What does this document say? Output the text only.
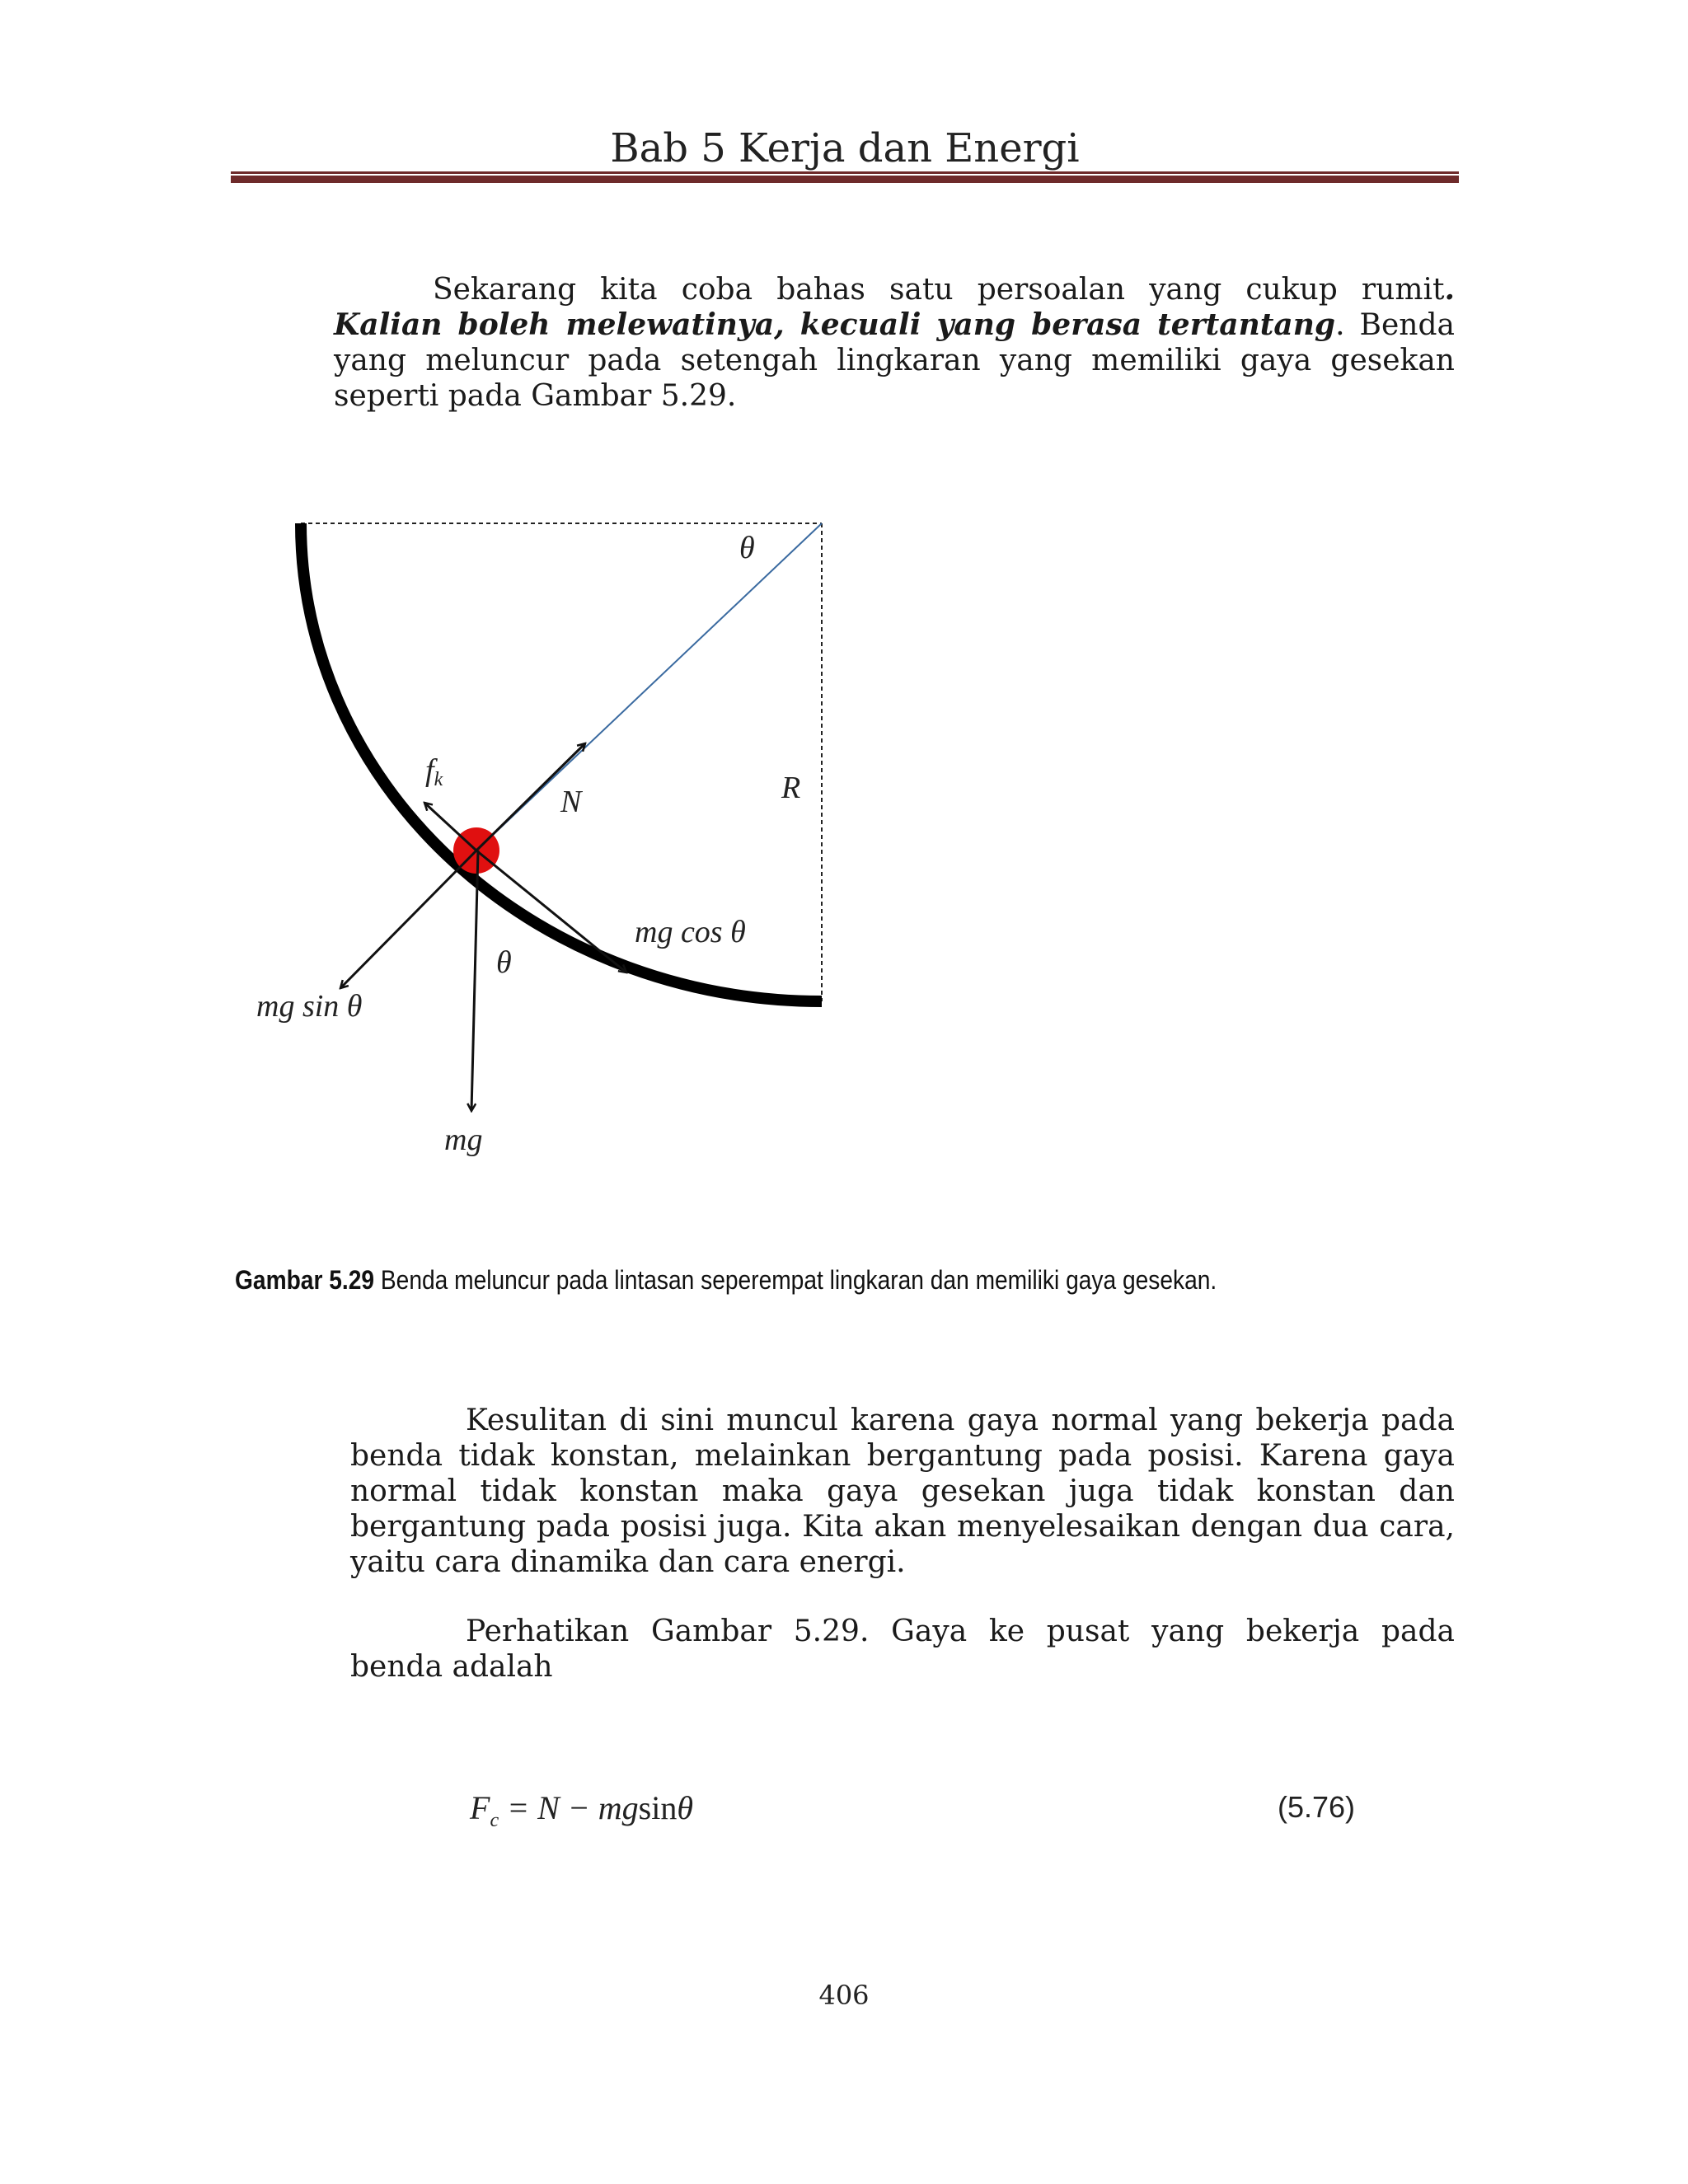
Bab 5 Kerja dan Energi
Sekarang kita coba bahas satu persoalan yang cukup rumit. Kalian boleh melewatinya, kecuali yang berasa tertantang. Benda yang meluncur pada setengah lingkaran yang memiliki gaya gesekan seperti pada Gambar 5.29.
θ
fk
N	R
mg cos θ
θ
mg sin θ
mg
Gambar 5.29 Benda meluncur pada lintasan seperempat lingkaran dan memiliki gaya gesekan.
Kesulitan di sini muncul karena gaya normal yang bekerja pada benda tidak konstan, melainkan bergantung pada posisi. Karena gaya normal tidak konstan maka gaya gesekan juga tidak konstan dan bergantung pada posisi juga. Kita akan menyelesaikan dengan dua cara, yaitu cara dinamika dan cara energi.
Perhatikan Gambar 5.29. Gaya ke pusat yang bekerja pada benda adalah
$F_c = N - mgsin\theta$	(5.76)
406
